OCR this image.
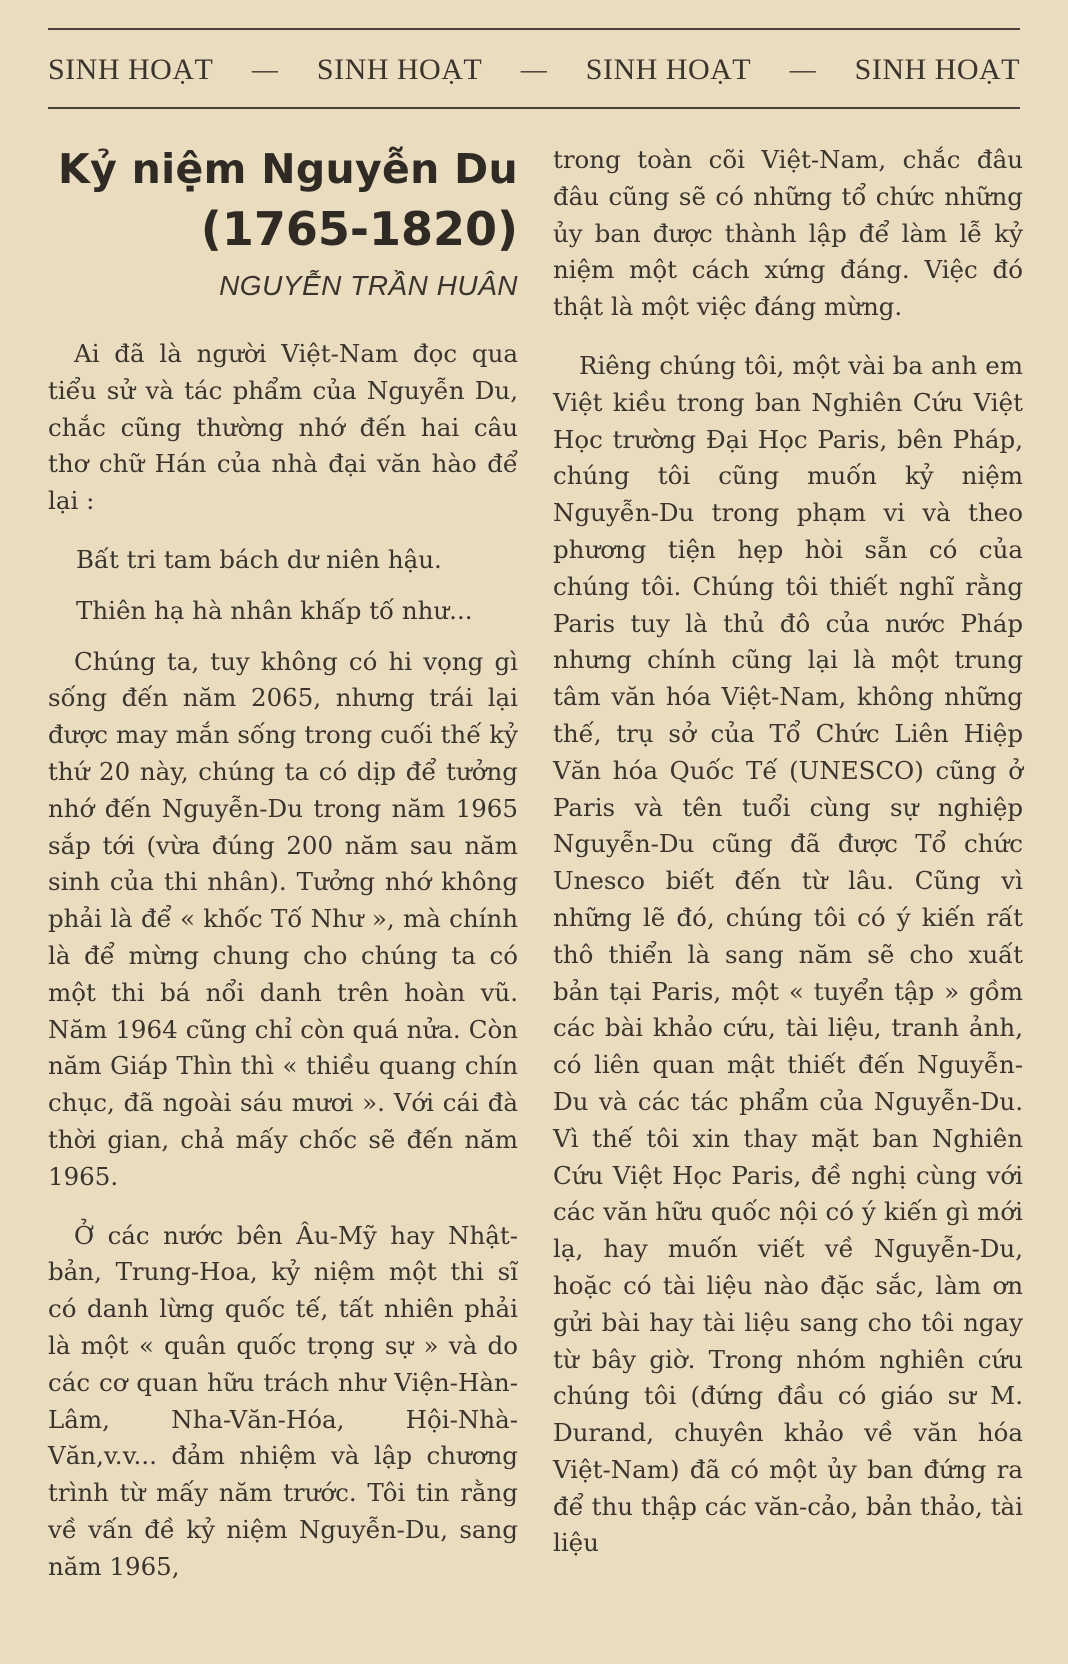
SINH HOẠT — SINH HOẠT — SINH HOẠT — SINH HOẠT
Kỷ niệm Nguyễn Du
(1765-1820)
NGUYỄN TRẦN HUÂN

Ai đã là người Việt-Nam đọc qua tiểu sử và tác phẩm của Nguyễn Du, chắc cũng thường nhớ đến hai câu thơ chữ Hán của nhà đại văn hào để lại :

Bất tri tam bách dư niên hậu.

Thiên hạ hà nhân khấp tố như...

Chúng ta, tuy không có hi vọng gì sống đến năm 2065, nhưng trái lại được may mắn sống trong cuối thế kỷ thứ 20 này, chúng ta có dịp để tưởng nhớ đến Nguyễn-Du trong năm 1965 sắp tới (vừa đúng 200 năm sau năm sinh của thi nhân). Tưởng nhớ không phải là để « khốc Tố Như », mà chính là để mừng chung cho chúng ta có một thi bá nổi danh trên hoàn vũ. Năm 1964 cũng chỉ còn quá nửa. Còn năm Giáp Thìn thì « thiều quang chín chục, đã ngoài sáu mươi ». Với cái đà thời gian, chả mấy chốc sẽ đến năm 1965.

Ở các nước bên Âu-Mỹ hay Nhật-bản, Trung-Hoa, kỷ niệm một thi sĩ có danh lừng quốc tế, tất nhiên phải là một « quân quốc trọng sự » và do các cơ quan hữu trách như Viện-Hàn-Lâm, Nha-Văn-Hóa, Hội-Nhà-Văn,v.v... đảm nhiệm và lập chương trình từ mấy năm trước. Tôi tin rằng về vấn đề kỷ niệm Nguyễn-Du, sang năm 1965,

trong toàn cõi Việt-Nam, chắc đâu đâu cũng sẽ có những tổ chức những ủy ban được thành lập để làm lễ kỷ niệm một cách xứng đáng. Việc đó thật là một việc đáng mừng.

Riêng chúng tôi, một vài ba anh em Việt kiều trong ban Nghiên Cứu Việt Học trường Đại Học Paris, bên Pháp, chúng tôi cũng muốn kỷ niệm Nguyễn-Du trong phạm vi và theo phương tiện hẹp hòi sẵn có của chúng tôi. Chúng tôi thiết nghĩ rằng Paris tuy là thủ đô của nước Pháp nhưng chính cũng lại là một trung tâm văn hóa Việt-Nam, không những thế, trụ sở của Tổ Chức Liên Hiệp Văn hóa Quốc Tế (UNESCO) cũng ở Paris và tên tuổi cùng sự nghiệp Nguyễn-Du cũng đã được Tổ chức Unesco biết đến từ lâu. Cũng vì những lẽ đó, chúng tôi có ý kiến rất thô thiển là sang năm sẽ cho xuất bản tại Paris, một « tuyển tập » gồm các bài khảo cứu, tài liệu, tranh ảnh, có liên quan mật thiết đến Nguyễn-Du và các tác phẩm của Nguyễn-Du. Vì thế tôi xin thay mặt ban Nghiên Cứu Việt Học Paris, đề nghị cùng với các văn hữu quốc nội có ý kiến gì mới lạ, hay muốn viết về Nguyễn-Du, hoặc có tài liệu nào đặc sắc, làm ơn gửi bài hay tài liệu sang cho tôi ngay từ bây giờ. Trong nhóm nghiên cứu chúng tôi (đứng đầu có giáo sư M. Durand, chuyên khảo về văn hóa Việt-Nam) đã có một ủy ban đứng ra để thu thập các văn-cảo, bản thảo, tài liệu
